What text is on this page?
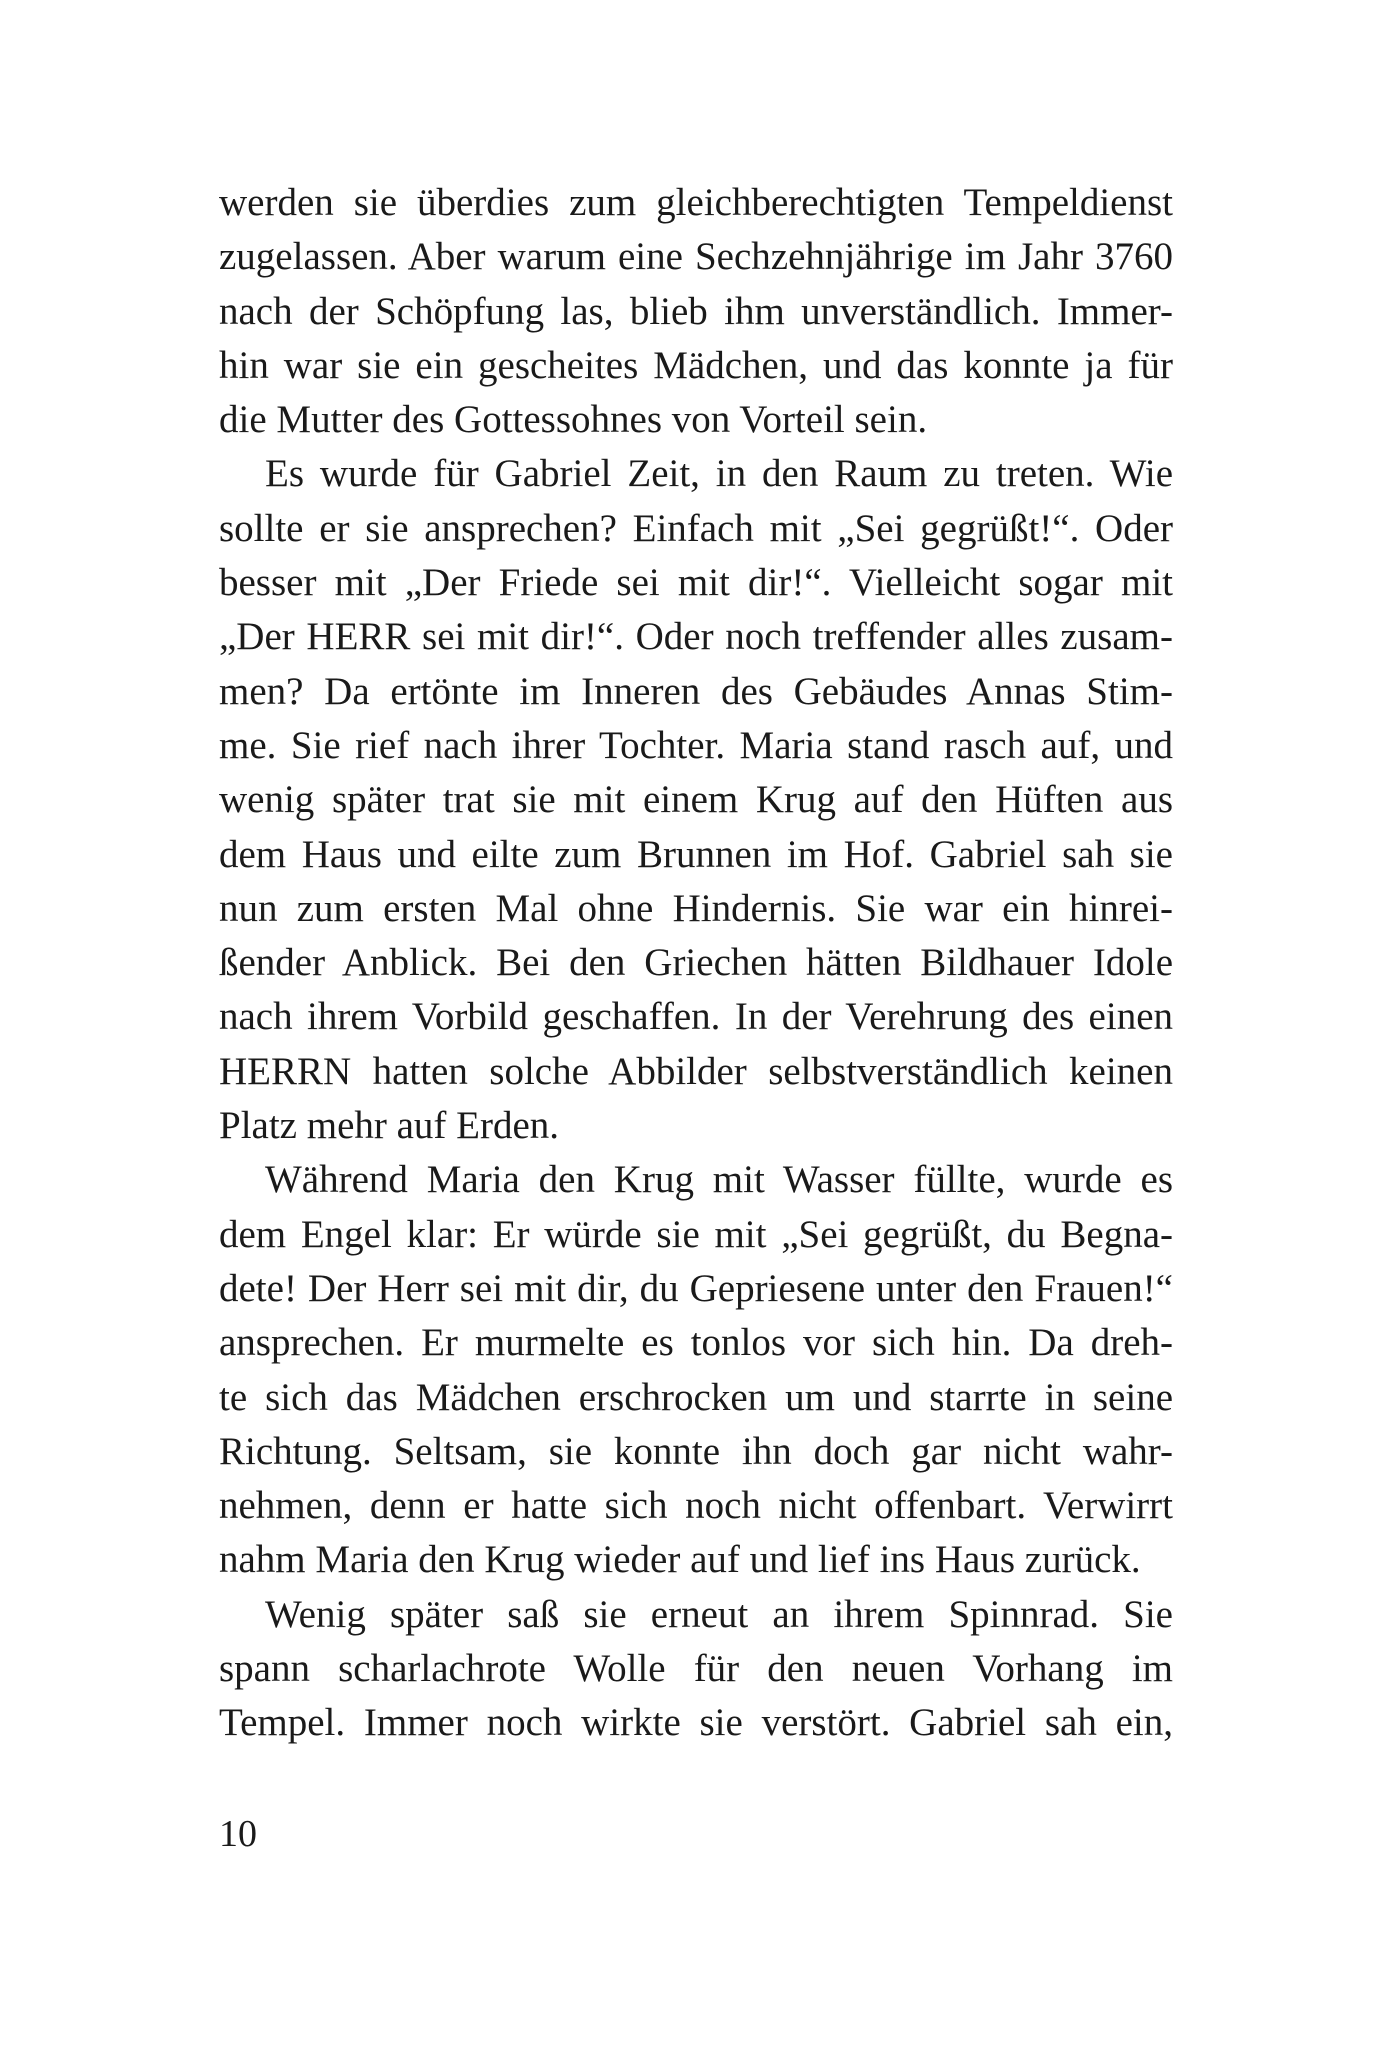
werden sie überdies zum gleichberechtigten Tempeldienst
zugelassen. Aber warum eine Sechzehnjährige im Jahr 3760
nach der Schöpfung las, blieb ihm unverständlich. Immer-
hin war sie ein gescheites Mädchen, und das konnte ja für
die Mutter des Gottessohnes von Vorteil sein.
Es wurde für Gabriel Zeit, in den Raum zu treten. Wie
sollte er sie ansprechen? Einfach mit „Sei gegrüßt!“. Oder
besser mit „Der Friede sei mit dir!“. Vielleicht sogar mit
„Der HERR sei mit dir!“. Oder noch treffender alles zusam-
men? Da ertönte im Inneren des Gebäudes Annas Stim-
me. Sie rief nach ihrer Tochter. Maria stand rasch auf, und
wenig später trat sie mit einem Krug auf den Hüften aus
dem Haus und eilte zum Brunnen im Hof. Gabriel sah sie
nun zum ersten Mal ohne Hindernis. Sie war ein hinrei-
ßender Anblick. Bei den Griechen hätten Bildhauer Idole
nach ihrem Vorbild geschaffen. In der Verehrung des einen
HERRN hatten solche Abbilder selbstverständlich keinen
Platz mehr auf Erden.
Während Maria den Krug mit Wasser füllte, wurde es
dem Engel klar: Er würde sie mit „Sei gegrüßt, du Begna-
dete! Der Herr sei mit dir, du Gepriesene unter den Frauen!“
ansprechen. Er murmelte es tonlos vor sich hin. Da dreh-
te sich das Mädchen erschrocken um und starrte in seine
Richtung. Seltsam, sie konnte ihn doch gar nicht wahr-
nehmen, denn er hatte sich noch nicht offenbart. Verwirrt
nahm Maria den Krug wieder auf und lief ins Haus zurück.
Wenig später saß sie erneut an ihrem Spinnrad. Sie
spann scharlachrote Wolle für den neuen Vorhang im
Tempel. Immer noch wirkte sie verstört. Gabriel sah ein,
10
